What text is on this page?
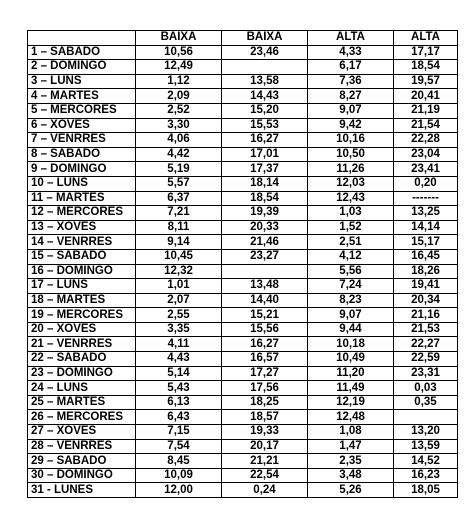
	BAIXA	BAIXA	ALTA	ALTA
1 – SABADO	10,56	23,46	4,33	17,17
2 – DOMINGO	12,49		6,17	18,54
3 – LUNS	1,12	13,58	7,36	19,57
4 – MARTES	2,09	14,43	8,27	20,41
5 – MERCORES	2,52	15,20	9,07	21,19
6 – XOVES	3,30	15,53	9,42	21,54
7 – VENRRES	4,06	16,27	10,16	22,28
8 – SABADO	4,42	17,01	10,50	23,04
9 – DOMINGO	5,19	17,37	11,26	23,41
10 – LUNS	5,57	18,14	12,03	0,20
11 – MARTES	6,37	18,54	12,43	-------
12 – MERCORES	7,21	19,39	1,03	13,25
13 – XOVES	8,11	20,33	1,52	14,14
14 – VENRRES	9,14	21,46	2,51	15,17
15 – SABADO	10,45	23,27	4,12	16,45
16 – DOMINGO	12,32		5,56	18,26
17 – LUNS	1,01	13,48	7,24	19,41
18 – MARTES	2,07	14,40	8,23	20,34
19 – MERCORES	2,55	15,21	9,07	21,16
20 – XOVES	3,35	15,56	9,44	21,53
21 – VENRRES	4,11	16,27	10,18	22,27
22 – SABADO	4,43	16,57	10,49	22,59
23 – DOMINGO	5,14	17,27	11,20	23,31
24 – LUNS	5,43	17,56	11,49	0,03
25 – MARTES	6,13	18,25	12,19	0,35
26 – MERCORES	6,43	18,57	12,48	
27 – XOVES	7,15	19,33	1,08	13,20
28 – VENRRES	7,54	20,17	1,47	13,59
29 – SABADO	8,45	21,21	2,35	14,52
30 – DOMINGO	10,09	22,54	3,48	16,23
31 - LUNES	12,00	0,24	5,26	18,05
